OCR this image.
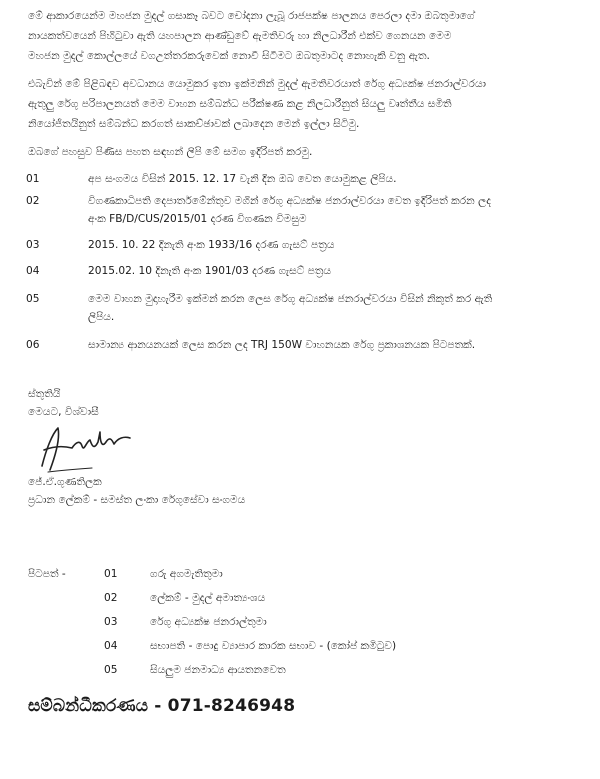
මේ ආකාරයෙන්ම මහජන මුදල් ගසාකෑ බවට චෝදනා ලැබූ රාජපක්ෂ පාලනය පෙරලා දමා ඔබතුමාගේ
නායකත්වයෙන් පිහිටුවා ඇති යහපාලන ආණ්ඩුවේ ඇමතිවරු හා නිලධාරීන් එක්ව ගෙනයන මෙම
මහජන මුදල් කොල්ලයේ වගඋත්තරකරුවෙක් නොවී සිටීමට ඔබතුමාටද නොහැකි වනු ඇත.
එබැවින් මේ පිළිබඳව අවධානය යොමුකර ඉතා ඉක්මනින් මුදල් ඇමතිවරයාත් රේගු අධ්‍යක්ෂ ජනරාල්වරයා
ඇතුලු රේගු පරිපාලනයත් මෙම වාහන සම්බන්ධ පරීක්ෂණ කළ නිලධාරීනුත් සියලු වෘත්තීය සමිති
නියෝජිතයිනුත් සම්බන්ධ කරගත් සාකච්ඡාවක් ලබාදෙන මෙන් ඉල්ලා සිටිමු.
ඔබගේ පහසුව පිණිස පහත සඳහන් ලිපි මේ සමග ඉදිරිපත් කරමු.
01	අප සංගමය විසින් 2015. 12. 17 වැනි දින ඔබ වෙත යොමුකළ ලිපිය.
02	විගණකාධිපති දෙපාර්තමේන්තුව මගින් රේගු අධ්‍යක්ෂ ජනරාල්වරයා වෙත ඉදිරිපත් කරන ලද
අංක FB/D/CUS/2015/01 දරණ විගණන විමසුම
03	2015. 10. 22 දිනැති අංක 1933/16 දරණ ගැසට් පත්‍රය
04	2015.02. 10 දිනැති අංක 1901/03 දරණ ගැසට් පත්‍රය
05	මෙම වාහන මුදාහැරීම ඉක්මන් කරන ලෙස රේගු අධ්‍යක්ෂ ජනරාල්වරයා විසින් නිකුත් කර ඇති
ලිපිය.
06	සාමාන්‍ය ආනයනයක් ලෙස කරන ලද TRJ 150W වාහනයක රේගු ප්‍රකාශනයක පිටපතක්.
ස්තුතියි
මෙයට, විශ්වාසී
ජේ.ඒ.ගුණතිලක
ප්‍රධාන ලේකම් - සමස්ත ලංකා රේගුසේවා සංගමය
පිටපත් -	01	ගරු අගමැතිතුමා
02	ලේකම් - මුදල් අමාත්‍යංශය
03	රේගු අධ්‍යක්ෂ ජනරාල්තුමා
04	සභාපති - පොදු ව්‍යාපාර කාරක සභාව - (කෝප් කමිටුව)
05	සියලුම ජනමාධ්‍ය ආයතනවෙත
සම්බන්ධීකරණය - 071-8246948
